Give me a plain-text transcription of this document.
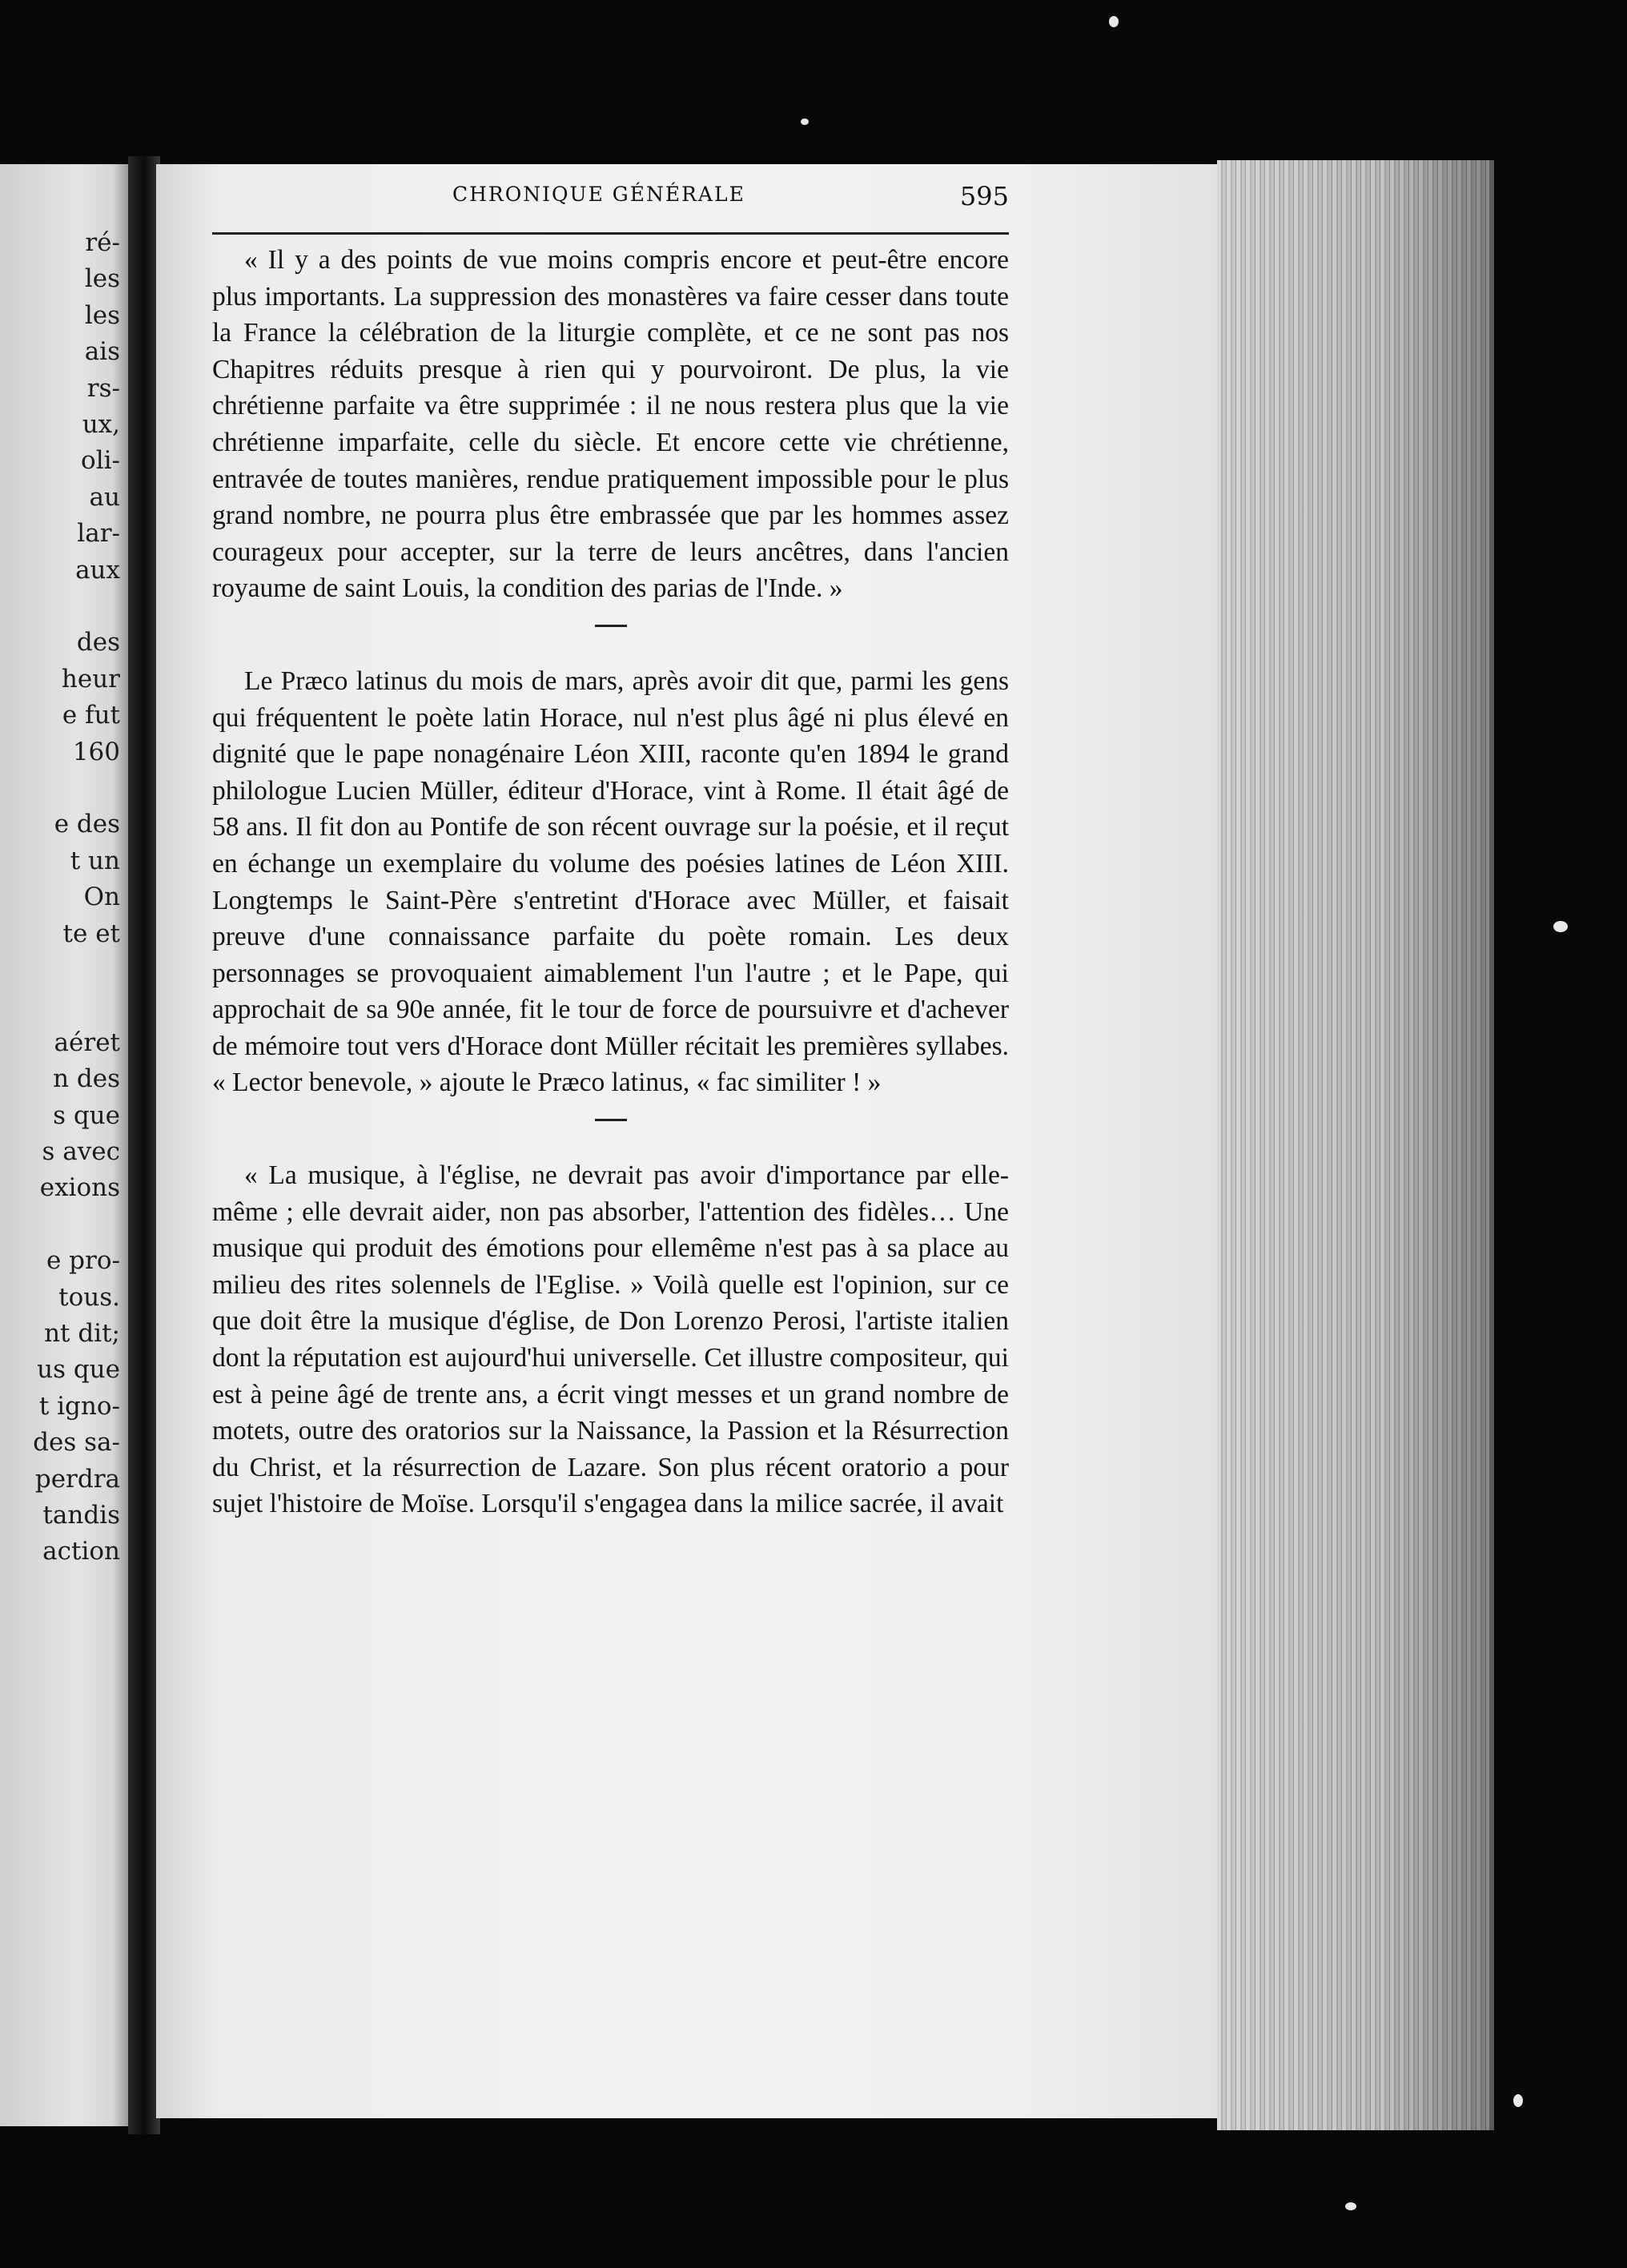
ré-
les
les
ais
rs-
ux,
oli-
au
lar-
aux
des
heur
e fut
160
e des
t un
On
te et
aéret
n des
s que
s avec
exions
e pro-
tous.
nt dit;
us que
t igno-
des sa-
perdra
tandis
action
CHRONIQUE GÉNÉRALE	595

« Il y a des points de vue moins compris encore et peut-être encore plus importants. La suppression des monastères va faire cesser dans toute la France la célébration de la liturgie complète, et ce ne sont pas nos Chapitres réduits presque à rien qui y pourvoiront. De plus, la vie chrétienne parfaite va être supprimée : il ne nous restera plus que la vie chrétienne imparfaite, celle du siècle. Et encore cette vie chrétienne, entravée de toutes manières, rendue pratiquement impossible pour le plus grand nombre, ne pourra plus être embrassée que par les hommes assez courageux pour accepter, sur la terre de leurs ancêtres, dans l'ancien royaume de saint Louis, la condition des parias de l'Inde. »

Le Præco latinus du mois de mars, après avoir dit que, parmi les gens qui fréquentent le poète latin Horace, nul n'est plus âgé ni plus élevé en dignité que le pape nonagénaire Léon XIII, raconte qu'en 1894 le grand philologue Lucien Müller, éditeur d'Horace, vint à Rome. Il était âgé de 58 ans. Il fit don au Pontife de son récent ouvrage sur la poésie, et il reçut en échange un exemplaire du volume des poésies latines de Léon XIII. Longtemps le Saint-Père s'entretint d'Horace avec Müller, et faisait preuve d'une connaissance parfaite du poète romain. Les deux personnages se provoquaient aimablement l'un l'autre ; et le Pape, qui approchait de sa 90e année, fit le tour de force de poursuivre et d'achever de mémoire tout vers d'Horace dont Müller récitait les premières syllabes. « Lector benevole, » ajoute le Præco latinus, « fac similiter ! »

« La musique, à l'église, ne devrait pas avoir d'importance par elle-même ; elle devrait aider, non pas absorber, l'attention des fidèles… Une musique qui produit des émotions pour ellemême n'est pas à sa place au milieu des rites solennels de l'Eglise. » Voilà quelle est l'opinion, sur ce que doit être la musique d'église, de Don Lorenzo Perosi, l'artiste italien dont la réputation est aujourd'hui universelle. Cet illustre compositeur, qui est à peine âgé de trente ans, a écrit vingt messes et un grand nombre de motets, outre des oratorios sur la Naissance, la Passion et la Résurrection du Christ, et la résurrection de Lazare. Son plus récent oratorio a pour sujet l'histoire de Moïse. Lorsqu'il s'engagea dans la milice sacrée, il avait
